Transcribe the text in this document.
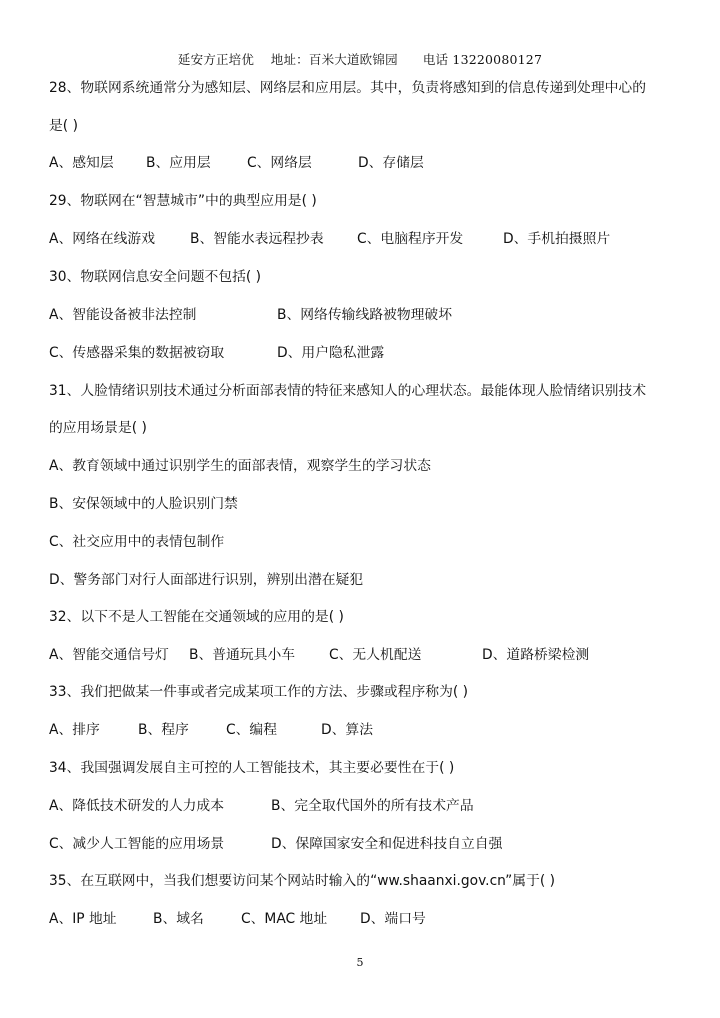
延安方正培优 地址：百米大道欧锦园 电话 13220080127
28、物联网系统通常分为感知层、网络层和应用层。其中，负责将感知到的信息传递到处理中心的
是( )
A、感知层 B、应用层	C、网络层	D、存储层
29、物联网在“智慧城市”中的典型应用是( )
A、网络在线游戏	B、智能水表远程抄表 C、电脑程序开发	D、手机拍摄照片
30、物联网信息安全问题不包括( )
A、智能设备被非法控制	B、网络传输线路被物理破坏
C、传感器采集的数据被窃取	D、用户隐私泄露
31、人脸情绪识别技术通过分析面部表情的特征来感知人的心理状态。最能体现人脸情绪识别技术
的应用场景是( )
A、教育领域中通过识别学生的面部表情，观察学生的学习状态
B、安保领域中的人脸识别门禁
C、社交应用中的表情包制作
D、警务部门对行人面部进行识别，辨别出潜在疑犯
32、以下不是人工智能在交通领域的应用的是( )
A、智能交通信号灯 B、普通玩具小车 C、无人机配送	D、道路桥梁检测
33、我们把做某一件事或者完成某项工作的方法、步骤或程序称为( )
A、排序	B、程序	C、编程	D、算法
34、我国强调发展自主可控的人工智能技术，其主要必要性在于( )
A、降低技术研发的人力成本	B、完全取代国外的所有技术产品
C、减少人工智能的应用场景	D、保障国家安全和促进科技自立自强
35、在互联网中，当我们想要访问某个网站时输入的“ww.shaanxi.gov.cn”属于( )
A、IP 地址	B、域名	C、MAC 地址 D、端口号
5
